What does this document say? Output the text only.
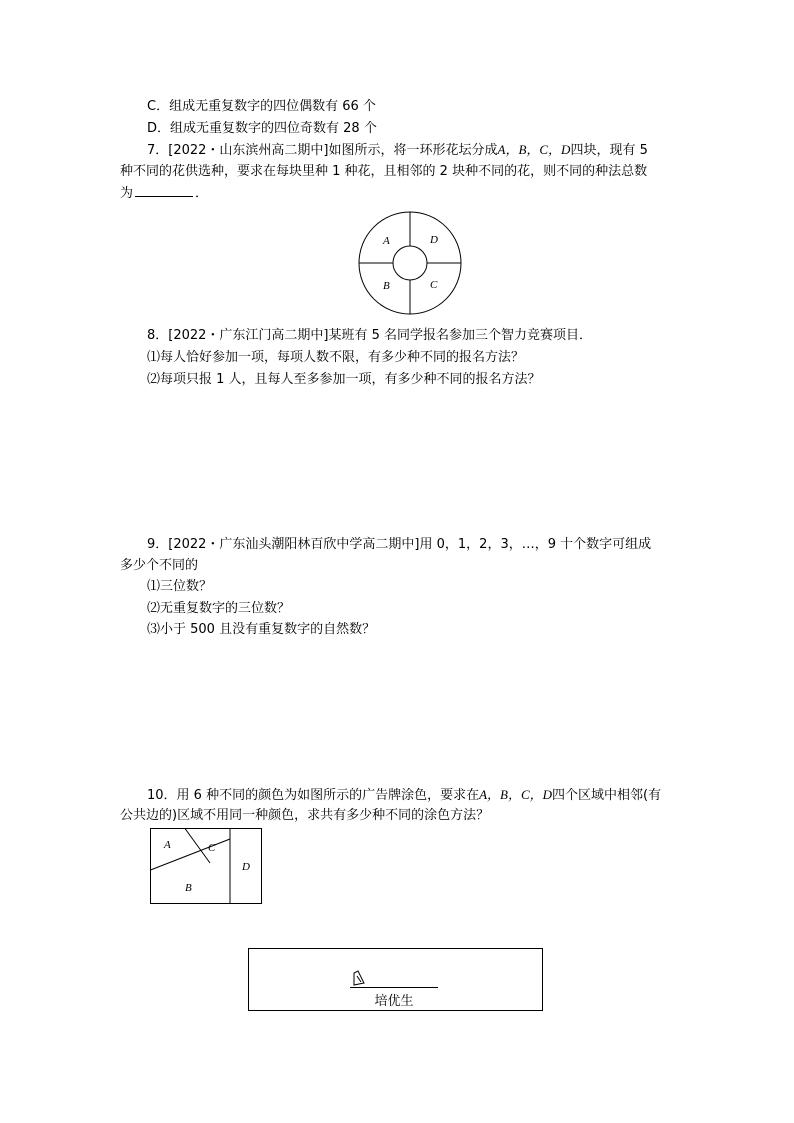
C．组成无重复数字的四位偶数有 66 个
D．组成无重复数字的四位奇数有 28 个
7．[2022・山东滨州高二期中]如图所示，将一环形花坛分成A，B，C，D四块，现有 5
种不同的花供选种，要求在每块里种 1 种花，且相邻的 2 块种不同的花，则不同的种法总数
为	．
A	D
B	C
8．[2022・广东江门高二期中]某班有 5 名同学报名参加三个智力竞赛项目．
⑴每人恰好参加一项，每项人数不限，有多少种不同的报名方法？
⑵每项只报 1 人，且每人至多参加一项，有多少种不同的报名方法？
9．[2022・广东汕头潮阳林百欣中学高二期中]用 0，1，2，3，…，9 十个数字可组成
多少个不同的
⑴三位数？
⑵无重复数字的三位数？
⑶小于 500 且没有重复数字的自然数？
10．用 6 种不同的颜色为如图所示的广告牌涂色，要求在A，B，C，D四个区域中相邻(有
公共边的)区域不用同一种颜色，求共有多少种不同的涂色方法？
A	C
D
B
培优生
